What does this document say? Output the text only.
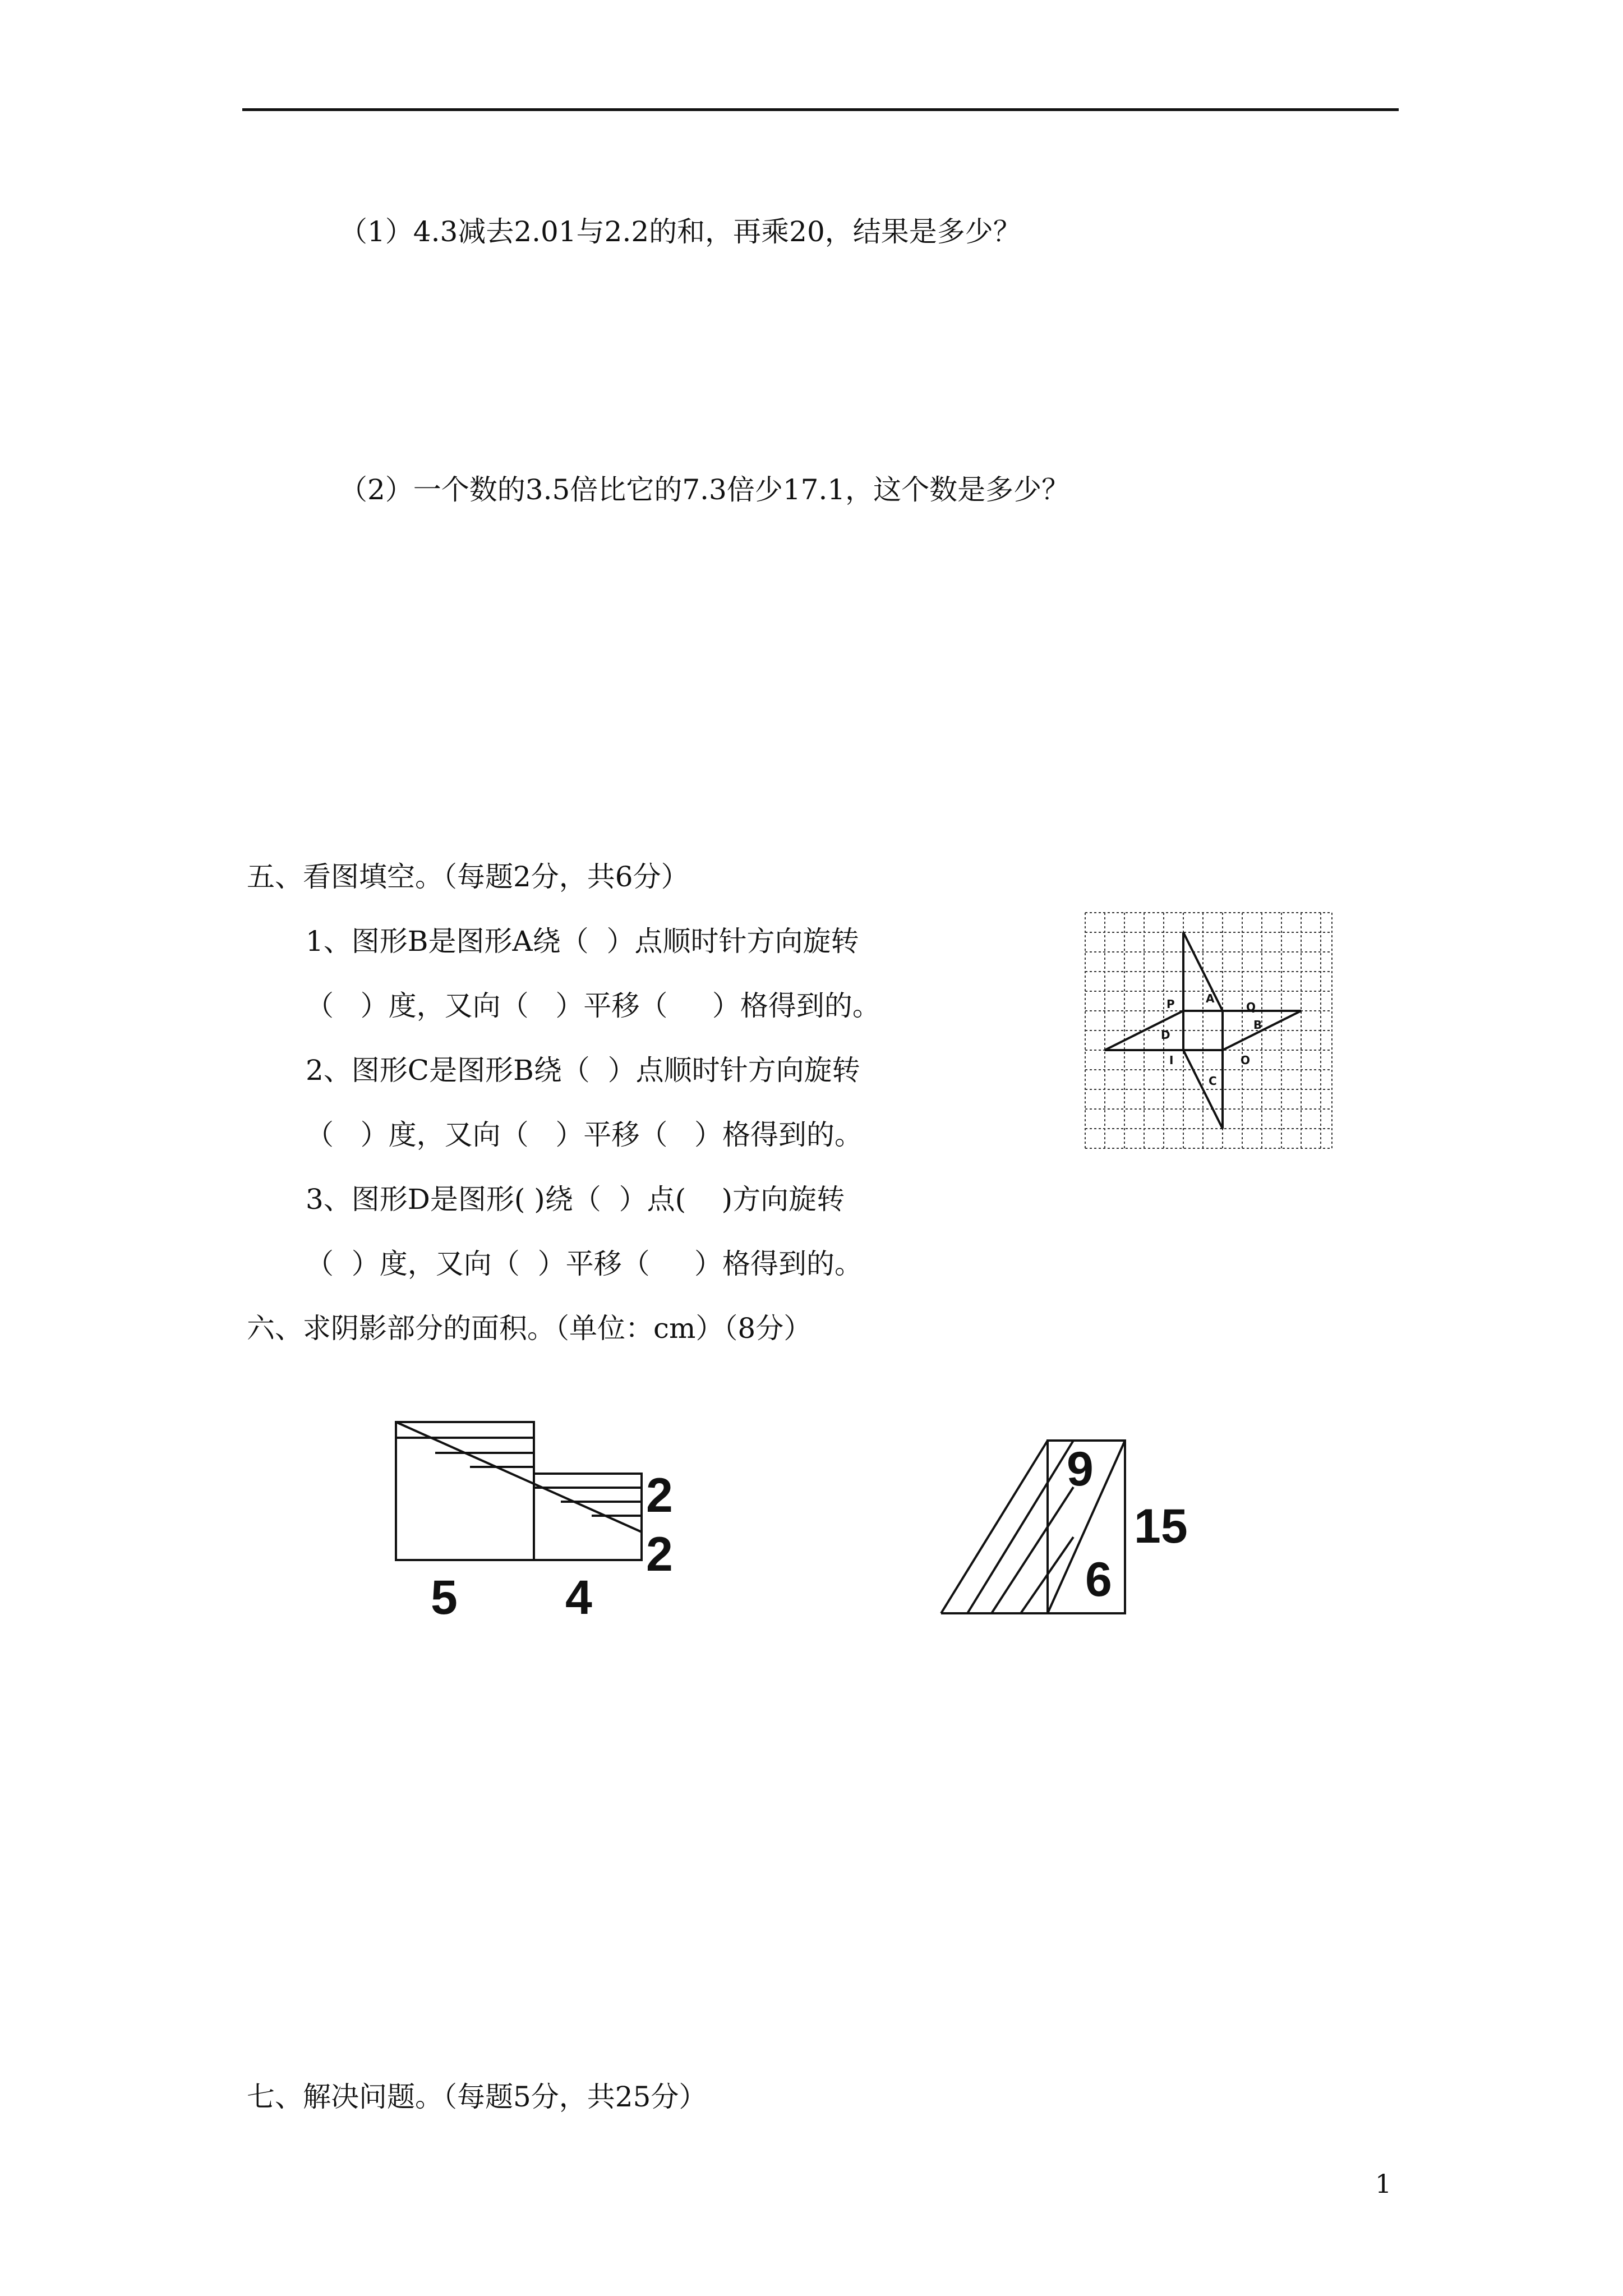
（1）4.3减去2.01与2.2的和，再乘20，结果是多少？
（2）一个数的3.5倍比它的7.3倍少17.1，这个数是多少？
五、看图填空。（每题2分，共6分）
1、图形B是图形A绕（  ）点顺时针方向旋转
（   ）度，又向（   ）平移（     ）格得到的。
2、图形C是图形B绕（  ）点顺时针方向旋转
（   ）度，又向（   ）平移（   ）格得到的。
3、图形D是图形( )绕（  ）点(    )方向旋转
（  ）度，又向（  ）平移（     ）格得到的。
P	A
Q
D
B
I	O
C
六、求阴影部分的面积。（单位：cm）（8分）
2
2
5 4
9
6
15
七、解决问题。（每题5分，共25分）
1
